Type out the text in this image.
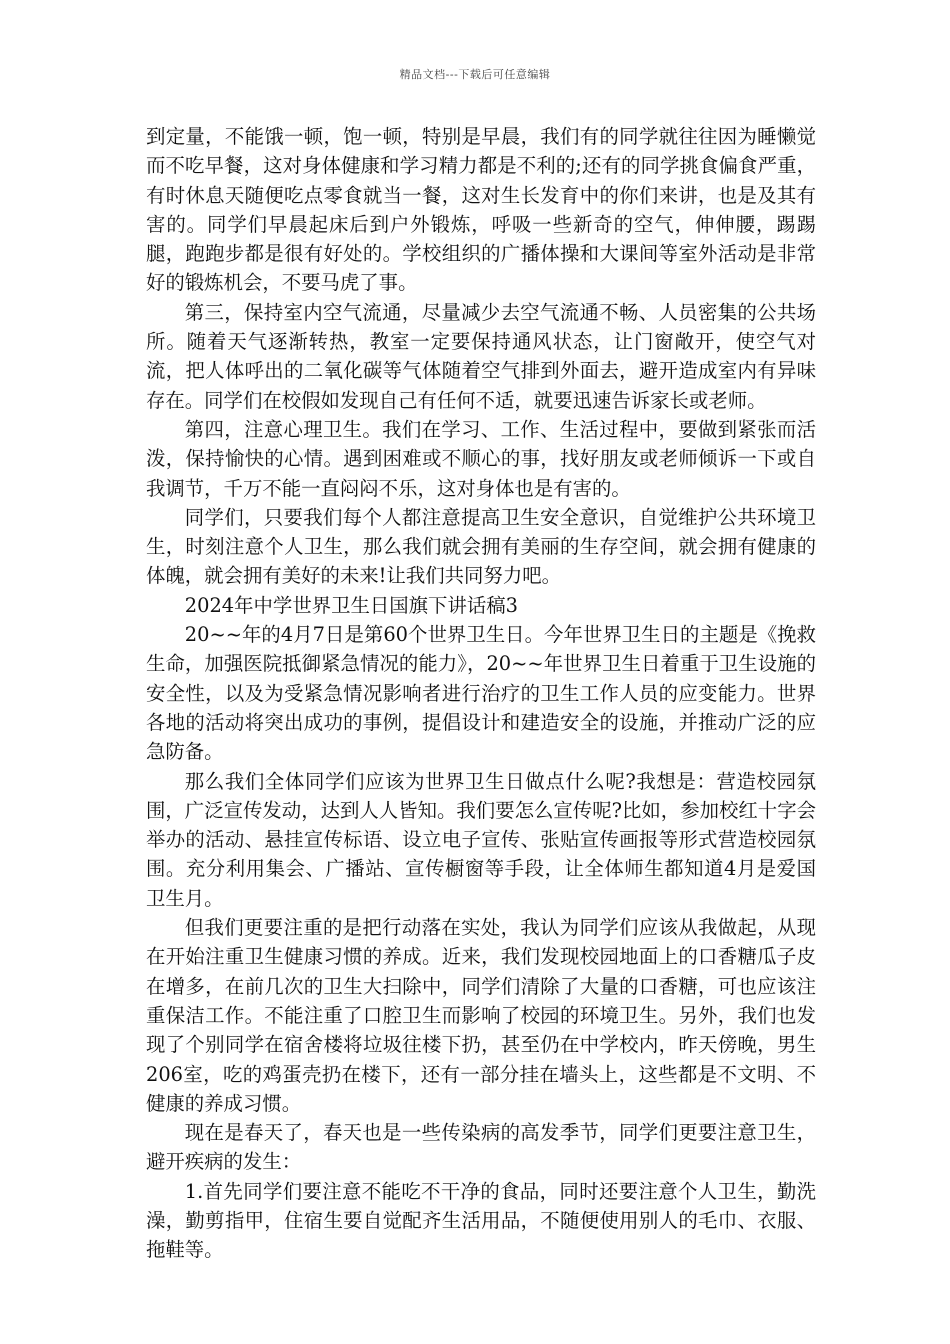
精品文档---下载后可任意编辑

到定量，不能饿一顿，饱一顿，特别是早晨，我们有的同学就往往因为睡懒觉而不吃早餐，这对身体健康和学习精力都是不利的;还有的同学挑食偏食严重，有时休息天随便吃点零食就当一餐，这对生长发育中的你们来讲，也是及其有害的。同学们早晨起床后到户外锻炼，呼吸一些新奇的空气，伸伸腰，踢踢腿，跑跑步都是很有好处的。学校组织的广播体操和大课间等室外活动是非常好的锻炼机会，不要马虎了事。

第三，保持室内空气流通，尽量减少去空气流通不畅、人员密集的公共场所。随着天气逐渐转热，教室一定要保持通风状态，让门窗敞开，使空气对流，把人体呼出的二氧化碳等气体随着空气排到外面去，避开造成室内有异味存在。同学们在校假如发现自己有任何不适，就要迅速告诉家长或老师。

第四，注意心理卫生。我们在学习、工作、生活过程中，要做到紧张而活泼，保持愉快的心情。遇到困难或不顺心的事，找好朋友或老师倾诉一下或自我调节，千万不能一直闷闷不乐，这对身体也是有害的。

同学们，只要我们每个人都注意提高卫生安全意识，自觉维护公共环境卫生，时刻注意个人卫生，那么我们就会拥有美丽的生存空间，就会拥有健康的体魄，就会拥有美好的未来!让我们共同努力吧。

2024年中学世界卫生日国旗下讲话稿3

20~~年的4月7日是第60个世界卫生日。今年世界卫生日的主题是《挽救生命，加强医院抵御紧急情况的能力》，20~~年世界卫生日着重于卫生设施的安全性，以及为受紧急情况影响者进行治疗的卫生工作人员的应变能力。世界各地的活动将突出成功的事例，提倡设计和建造安全的设施，并推动广泛的应急防备。

那么我们全体同学们应该为世界卫生日做点什么呢?我想是：营造校园氛围，广泛宣传发动，达到人人皆知。我们要怎么宣传呢?比如，参加校红十字会举办的活动、悬挂宣传标语、设立电子宣传、张贴宣传画报等形式营造校园氛围。充分利用集会、广播站、宣传橱窗等手段，让全体师生都知道4月是爱国卫生月。

但我们更要注重的是把行动落在实处，我认为同学们应该从我做起，从现在开始注重卫生健康习惯的养成。近来，我们发现校园地面上的口香糖瓜子皮在增多，在前几次的卫生大扫除中，同学们清除了大量的口香糖，可也应该注重保洁工作。不能注重了口腔卫生而影响了校园的环境卫生。另外，我们也发现了个别同学在宿舍楼将垃圾往楼下扔，甚至仍在中学校内，昨天傍晚，男生206室，吃的鸡蛋壳扔在楼下，还有一部分挂在墙头上，这些都是不文明、不健康的养成习惯。

现在是春天了，春天也是一些传染病的高发季节，同学们更要注意卫生，避开疾病的发生：

1.首先同学们要注意不能吃不干净的食品，同时还要注意个人卫生，勤洗澡，勤剪指甲，住宿生要自觉配齐生活用品，不随便使用别人的毛巾、衣服、拖鞋等。
